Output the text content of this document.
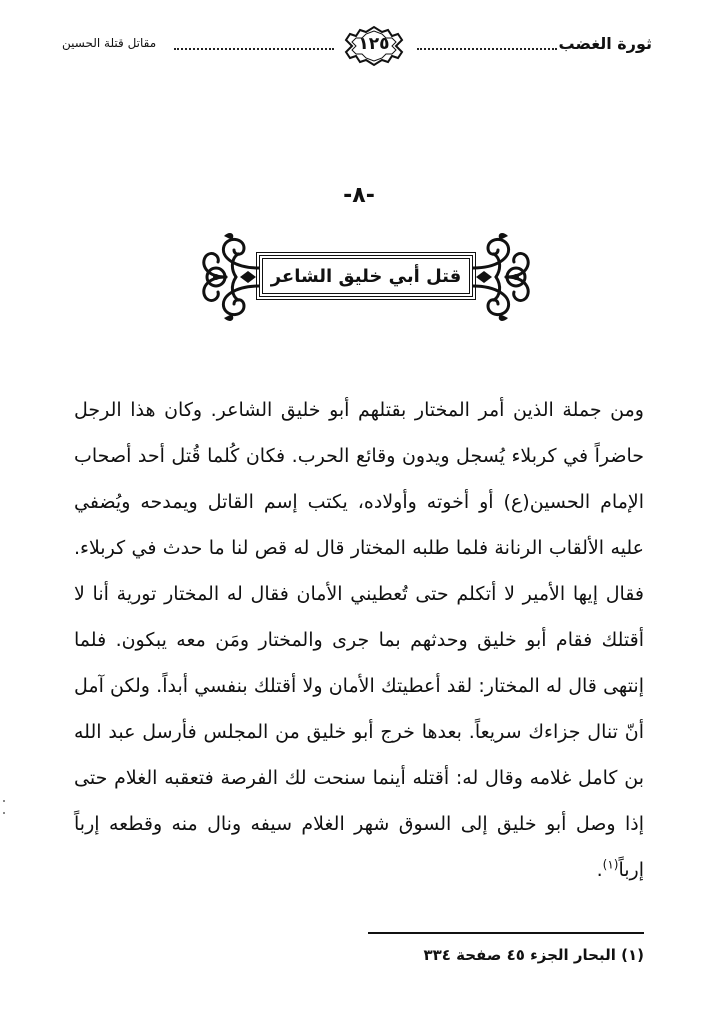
ثورة الغضب
١٢٥
مقاتل قتلة الحسين
-٨-
قتل أبي خليق الشاعر

ومن جملة الذين أمر المختار بقتلهم أبو خليق الشاعر. وكان هذا الرجل حاضراً في كربلاء يُسجل ويدون وقائع الحرب. فكان كُلما قُتل أحد أصحاب الإمام الحسين(ع) أو أخوته وأولاده، يكتب إسم القاتل ويمدحه ويُضفي عليه الألقاب الرنانة فلما طلبه المختار قال له قص لنا ما حدث في كربلاء. فقال إيها الأمير لا أتكلم حتى تُعطيني الأمان فقال له المختار تورية أنا لا أقتلك فقام أبو خليق وحدثهم بما جرى والمختار ومَن معه يبكون. فلما إنتهى قال له المختار: لقد أعطيتك الأمان ولا أقتلك بنفسي أبداً. ولكن آمل أنّ تنال جزاءك سريعاً. بعدها خرج أبو خليق من المجلس فأرسل عبد الله بن كامل غلامه وقال له: أقتله أينما سنحت لك الفرصة فتعقبه الغلام حتى إذا وصل أبو خليق إلى السوق شهر الغلام سيفه ونال منه وقطعه إرباً إرباً$^{(١)}$.

(١) البحار الجزء ٤٥ صفحة ٣٣٤
